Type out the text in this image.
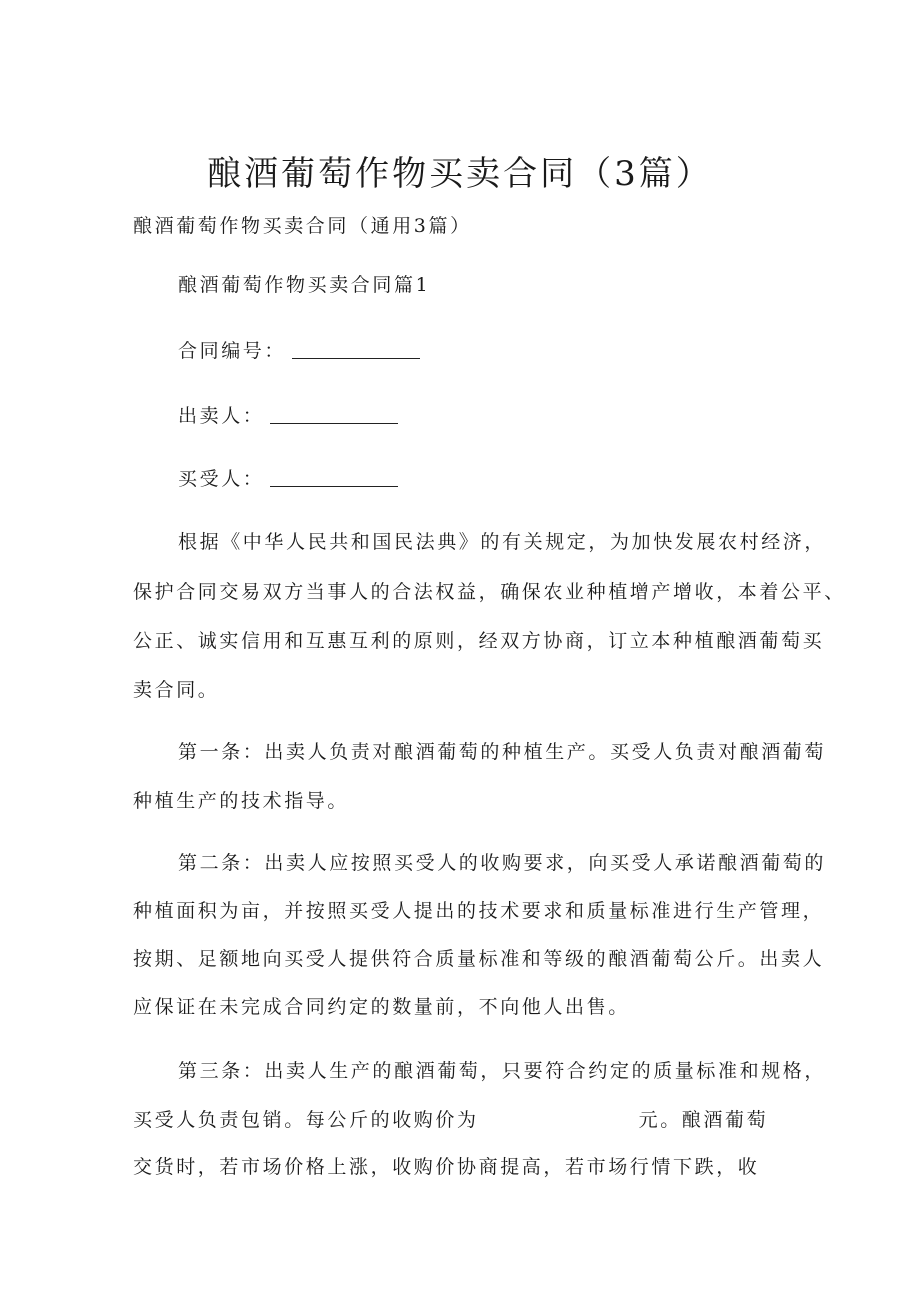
酿酒葡萄作物买卖合同（3篇）
酿酒葡萄作物买卖合同（通用3篇）
酿酒葡萄作物买卖合同篇1
合同编号：
出卖人：
买受人：
根据《中华人民共和国民法典》的有关规定，为加快发展农村经济，
保护合同交易双方当事人的合法权益，确保农业种植增产增收，本着公平、
公正、诚实信用和互惠互利的原则，经双方协商，订立本种植酿酒葡萄买
卖合同。
第一条：出卖人负责对酿酒葡萄的种植生产。买受人负责对酿酒葡萄
种植生产的技术指导。
第二条：出卖人应按照买受人的收购要求，向买受人承诺酿酒葡萄的
种植面积为亩，并按照买受人提出的技术要求和质量标准进行生产管理，
按期、足额地向买受人提供符合质量标准和等级的酿酒葡萄公斤。出卖人
应保证在未完成合同约定的数量前，不向他人出售。
第三条：出卖人生产的酿酒葡萄，只要符合约定的质量标准和规格，
买受人负责包销。每公斤的收购价为	元。酿酒葡萄
交货时，若市场价格上涨，收购价协商提高，若市场行情下跌，收
